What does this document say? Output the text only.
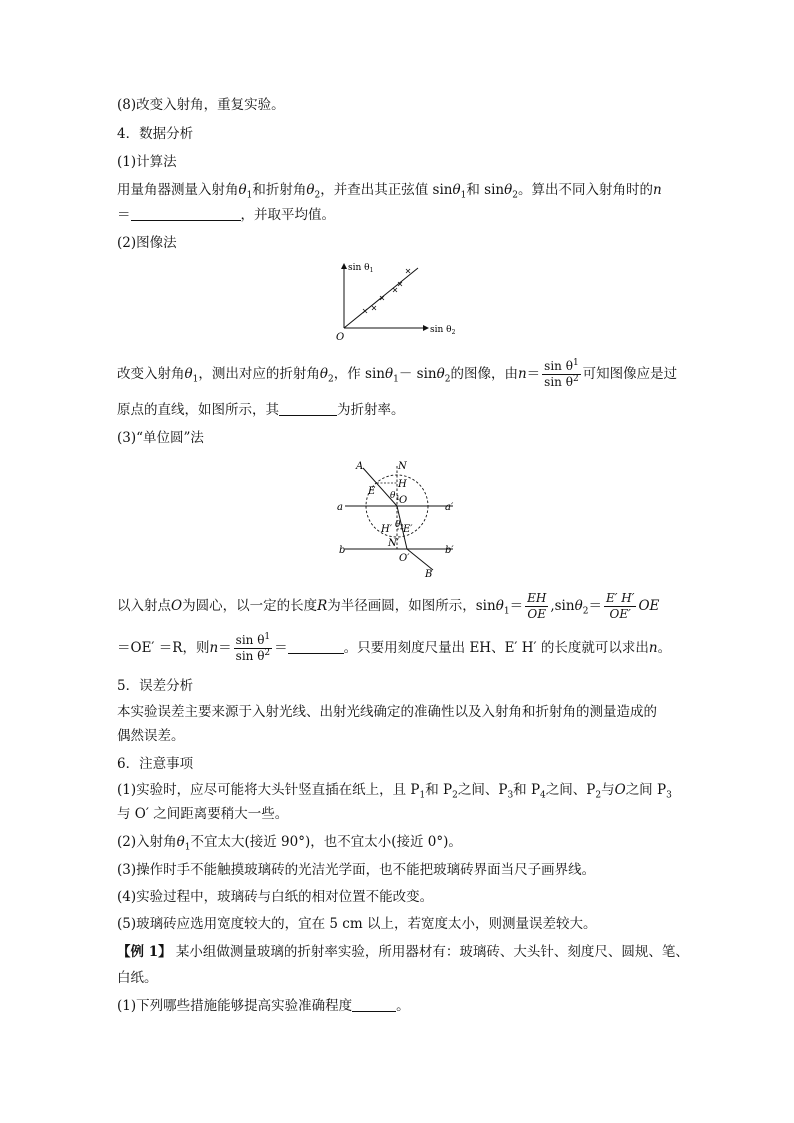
(8)改变入射角，重复实验。
4．数据分析
(1)计算法
用量角器测量入射角$\theta_1$和折射角$\theta_2$，并查出其正弦值 sinθ$_1$和 sinθ$_2$。算出不同入射角时的n
＝	，并取平均值。
(2)图像法
$\sin \theta_1$
$\sin \theta_2$
O
改变入射角$\theta_1$，测出对应的折射角$\theta_2$，作 sinθ$_1$－ sinθ$_2$的图像，由$n= \frac{\sin \theta^1}{\sin \theta^2}$ 可知图像应是过
原点的直线，如图所示，其	为折射率。
(3)“单位圆”法
A	N
E
H
θ 1 O
a	a′
H′ E′
θ 2
N′
O′
b	b′
B
以入射点O为圆心，以一定的长度R为半径画圆，如图所示，$\sin\theta_1= \frac{EH}{OE} ,\sin\theta_2= \frac{E' H'}{OE'}$ OE
＝OE′ ＝R，则$n= \frac{\sin \theta^1}{\sin \theta^2}$ ＝	。只要用刻度尺量出 EH、E′ H′ 的长度就可以求出n。
5．误差分析
本实验误差主要来源于入射光线、出射光线确定的准确性以及入射角和折射角的测量造成的
偶然误差。
6．注意事项
(1)实验时，应尽可能将大头针竖直插在纸上，且 $P_1$和 $P_2$之间、$P_3$和 $P_4$之间、$P_2$与O之间 $P_3$
与 O′ 之间距离要稍大一些。
(2)入射角$\theta_1$不宜太大(接近 90°)，也不宜太小(接近 0°)。
(3)操作时手不能触摸玻璃砖的光洁光学面，也不能把玻璃砖界面当尺子画界线。
(4)实验过程中，玻璃砖与白纸的相对位置不能改变。
(5)玻璃砖应选用宽度较大的，宜在 5 cm 以上，若宽度太小，则测量误差较大。
【例 1】 某小组做测量玻璃的折射率实验，所用器材有：玻璃砖、大头针、刻度尺、圆规、笔、
白纸。
(1)下列哪些措施能够提高实验准确程度	。
